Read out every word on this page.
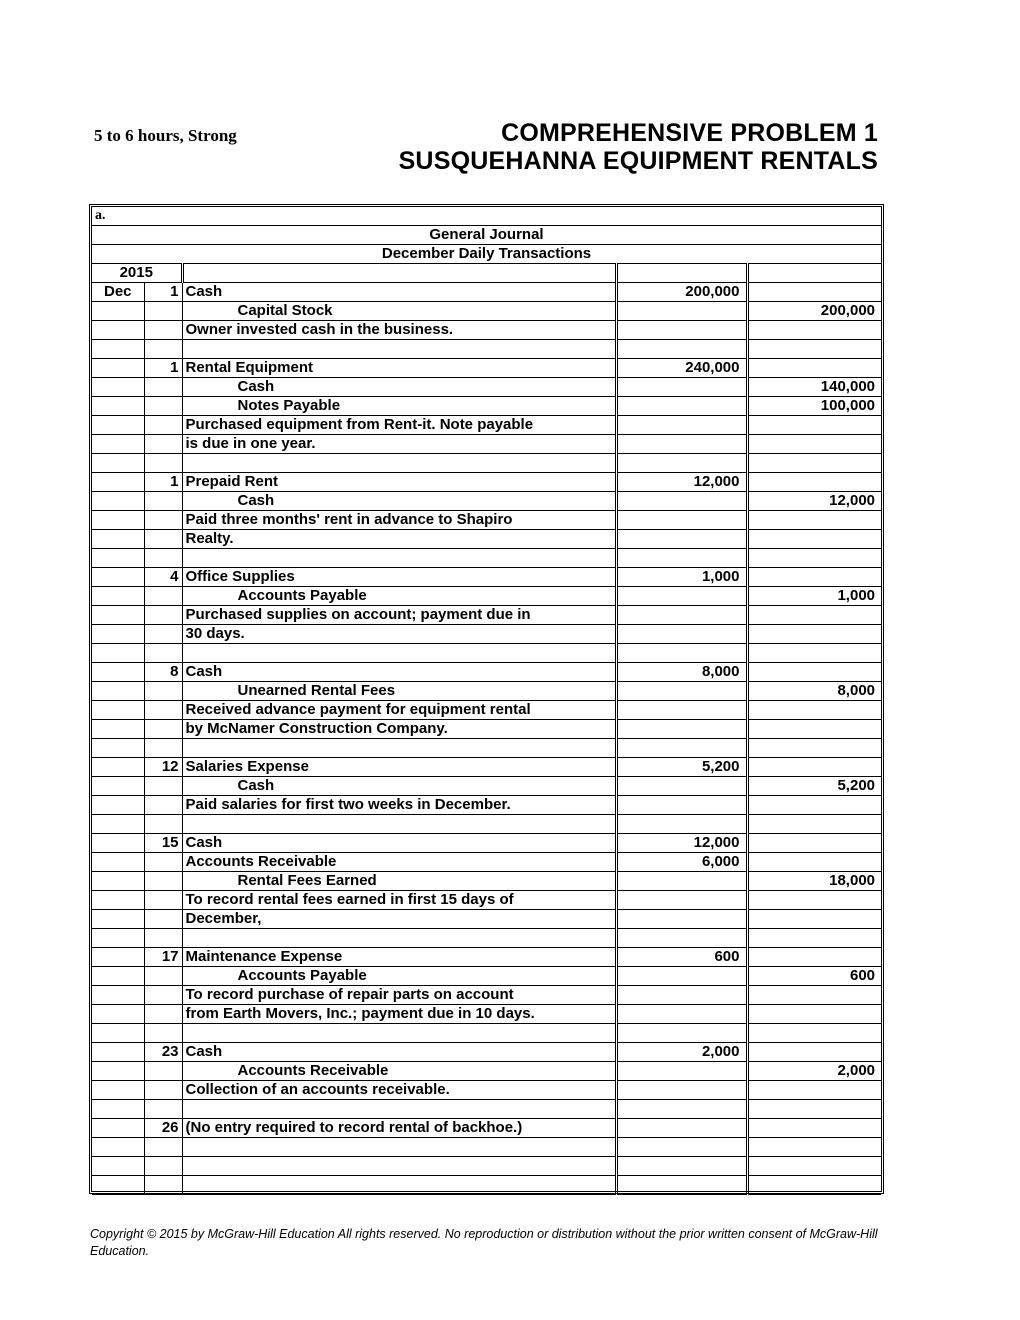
5 to 6 hours, Strong	COMPREHENSIVE PROBLEM 1
SUSQUEHANNA EQUIPMENT RENTALS
a.				
General Journal				
December Daily Transactions				
2015				
Dec	1	Cash	200,000	
		Capital Stock		200,000
		Owner invested cash in the business.		

	1	Rental Equipment	240,000	
		Cash		140,000
		Notes Payable		100,000
		Purchased equipment from Rent-it. Note payable		
		is due in one year.		

	1	Prepaid Rent	12,000	
		Cash		12,000
		Paid three months' rent in advance to Shapiro		
		Realty.		

	4	Office Supplies	1,000	
		Accounts Payable		1,000
		Purchased supplies on account; payment due in		
		30 days.		

	8	Cash	8,000	
		Unearned Rental Fees		8,000
		Received advance payment for equipment rental		
		by McNamer Construction Company.		

	12	Salaries Expense	5,200	
		Cash		5,200
		Paid salaries for first two weeks in December.		

	15	Cash	12,000	
		Accounts Receivable	6,000	
		Rental Fees Earned		18,000
		To record rental fees earned in first 15 days of		
		December,		

	17	Maintenance Expense	600	
		Accounts Payable		600
		To record purchase of repair parts on account		
		from Earth Movers, Inc.; payment due in 10 days.		

	23	Cash	2,000	
		Accounts Receivable		2,000
		Collection of an accounts receivable.		

	26	(No entry required to record rental of backhoe.)		

Copyright © 2015 by McGraw-Hill Education All rights reserved. No reproduction or distribution without the prior written consent of McGraw-Hill Education.
